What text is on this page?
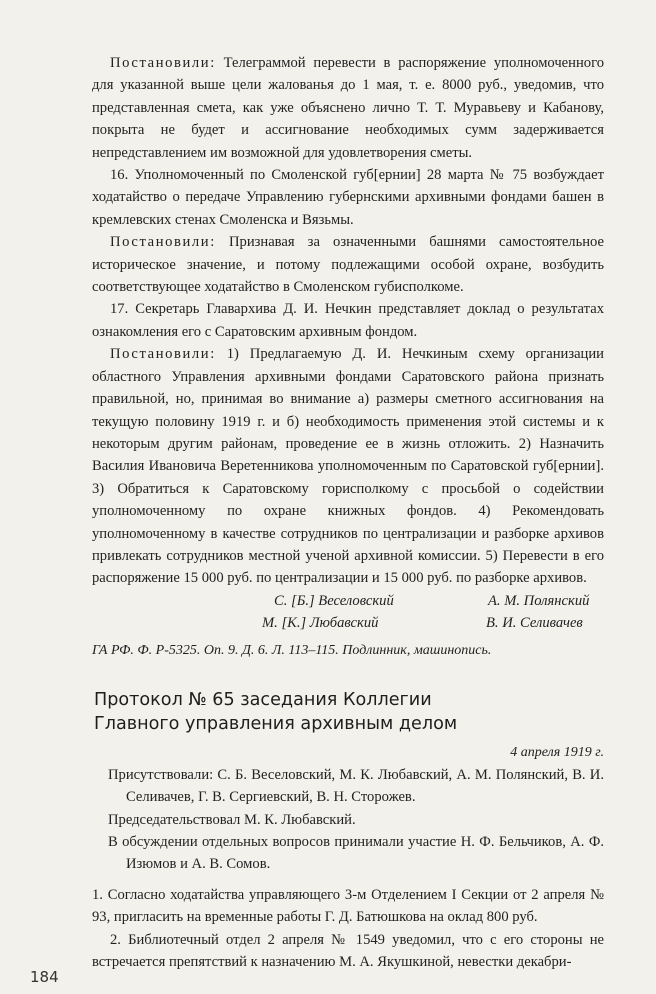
Постановили: Телеграммой перевести в распоряжение уполномоченного для указанной выше цели жалованья до 1 мая, т. е. 8000 руб., уведомив, что представленная смета, как уже объяснено лично Т. Т. Муравьеву и Кабанову, покрыта не будет и ассигнование необходимых сумм задерживается непредставлением им возможной для удовлетворения сметы.

16. Уполномоченный по Смоленской губ[ернии] 28 марта № 75 возбуждает ходатайство о передаче Управлению губернскими архивными фондами башен в кремлевских стенах Смоленска и Вязьмы.

Постановили: Признавая за означенными башнями самостоятельное историческое значение, и потому подлежащими особой охране, возбудить соответствующее ходатайство в Смоленском губисполкоме.

17. Секретарь Главархива Д. И. Нечкин представляет доклад о результатах ознакомления его с Саратовским архивным фондом.

Постановили: 1) Предлагаемую Д. И. Нечкиным схему организации областного Управления архивными фондами Саратовского района признать правильной, но, принимая во внимание а) размеры сметного ассигнования на текущую половину 1919 г. и б) необходимость применения этой системы и к некоторым другим районам, проведение ее в жизнь отложить. 2) Назначить Василия Ивановича Веретенникова уполномоченным по Саратовской губ[ернии]. 3) Обратиться к Саратовскому горисполкому с просьбой о содействии уполномоченному по охране книжных фондов. 4) Рекомендовать уполномоченному в качестве сотрудников по централизации и разборке архивов привлекать сотрудников местной ученой архивной комиссии. 5) Перевести в его распоряжение 15 000 руб. по централизации и 15 000 руб. по разборке архивов.

С. [Б.] Веселовский	А. М. Полянский
М. [К.] Любавский	В. И. Селивачев

ГА РФ. Ф. Р-5325. Оп. 9. Д. 6. Л. 113–115. Подлинник, машинопись.

Протокол № 65 заседания Коллегии
Главного управления архивным делом
4 апреля 1919 г.

Присутствовали: С. Б. Веселовский, М. К. Любавский, А. М. Полянский, В. И. Селивачев, Г. В. Сергиевский, В. Н. Сторожев.

Председательствовал М. К. Любавский.

В обсуждении отдельных вопросов принимали участие Н. Ф. Бельчиков, А. Ф. Изюмов и А. В. Сомов.

1. Согласно ходатайства управляющего 3-м Отделением I Секции от 2 апреля № 93, пригласить на временные работы Г. Д. Батюшкова на оклад 800 руб.

2. Библиотечный отдел 2 апреля № 1549 уведомил, что с его стороны не встречается препятствий к назначению М. А. Якушкиной, невестки декабри-

184
